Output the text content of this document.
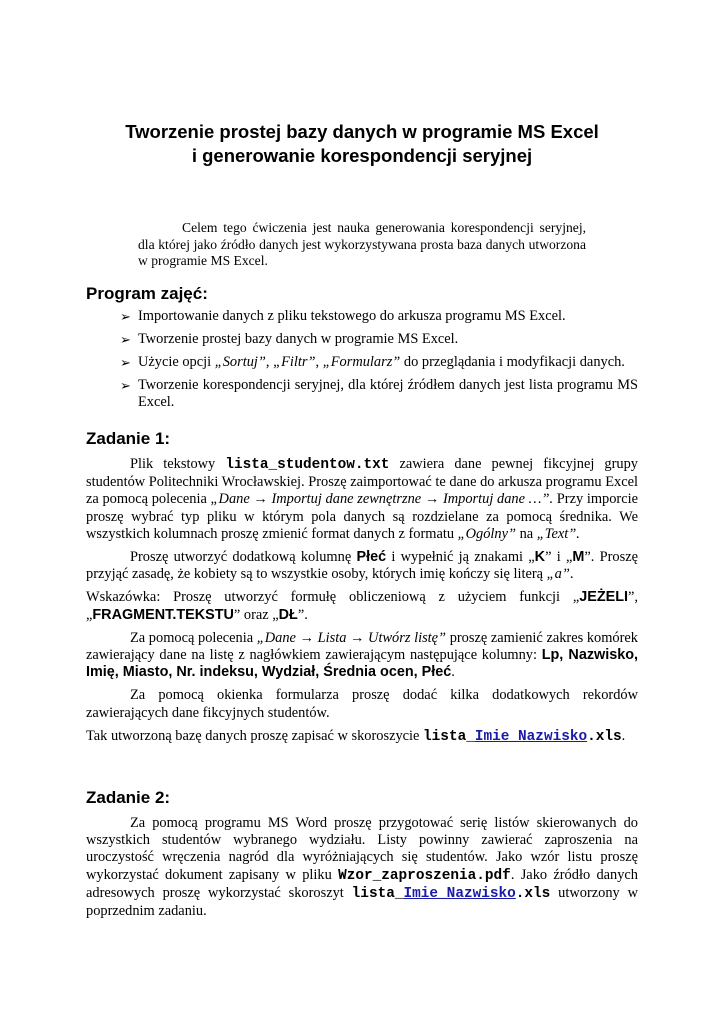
Tworzenie prostej bazy danych w programie MS Excel
i generowanie korespondencji seryjnej
Celem tego ćwiczenia jest nauka generowania korespondencji seryjnej, dla której jako źródło danych jest wykorzystywana prosta baza danych utworzona w programie MS Excel.
Program zajęć:
➢ Importowanie danych z pliku tekstowego do arkusza programu MS Excel.
➢ Tworzenie prostej bazy danych w programie MS Excel.
➢ Użycie opcji „Sortuj”, „Filtr”, „Formularz” do przeglądania i modyfikacji danych.
➢ Tworzenie korespondencji seryjnej, dla której źródłem danych jest lista programu MS Excel.
Zadanie 1:

Plik tekstowy lista_studentow.txt zawiera dane pewnej fikcyjnej grupy studentów Politechniki Wrocławskiej. Proszę zaimportować te dane do arkusza programu Excel za pomocą polecenia „Dane → Importuj dane zewnętrzne → Importuj dane …”. Przy imporcie proszę wybrać typ pliku w którym pola danych są rozdzielane za pomocą średnika. We wszystkich kolumnach proszę zmienić format danych z formatu „Ogólny” na „Text”.

Proszę utworzyć dodatkową kolumnę Płeć i wypełnić ją znakami „K” i „M”. Proszę przyjąć zasadę, że kobiety są to wszystkie osoby, których imię kończy się literą „a”.

Wskazówka: Proszę utworzyć formułę obliczeniową z użyciem funkcji „JEŻELI”, „FRAGMENT.TEKSTU” oraz „DŁ”.

Za pomocą polecenia „Dane → Lista → Utwórz listę” proszę zamienić zakres komórek zawierający dane na listę z nagłówkiem zawierającym następujące kolumny: Lp, Nazwisko, Imię, Miasto, Nr. indeksu, Wydział, Średnia ocen, Płeć.

Za pomocą okienka formularza proszę dodać kilka dodatkowych rekordów zawierających dane fikcyjnych studentów.

Tak utworzoną bazę danych proszę zapisać w skoroszycie lista_Imie_Nazwisko.xls.

Zadanie 2:

Za pomocą programu MS Word proszę przygotować serię listów skierowanych do wszystkich studentów wybranego wydziału. Listy powinny zawierać zaproszenia na uroczystość wręczenia nagród dla wyróżniających się studentów. Jako wzór listu proszę wykorzystać dokument zapisany w pliku Wzor_zaproszenia.pdf. Jako źródło danych adresowych proszę wykorzystać skoroszyt lista_Imie_Nazwisko.xls utworzony w poprzednim zadaniu.
